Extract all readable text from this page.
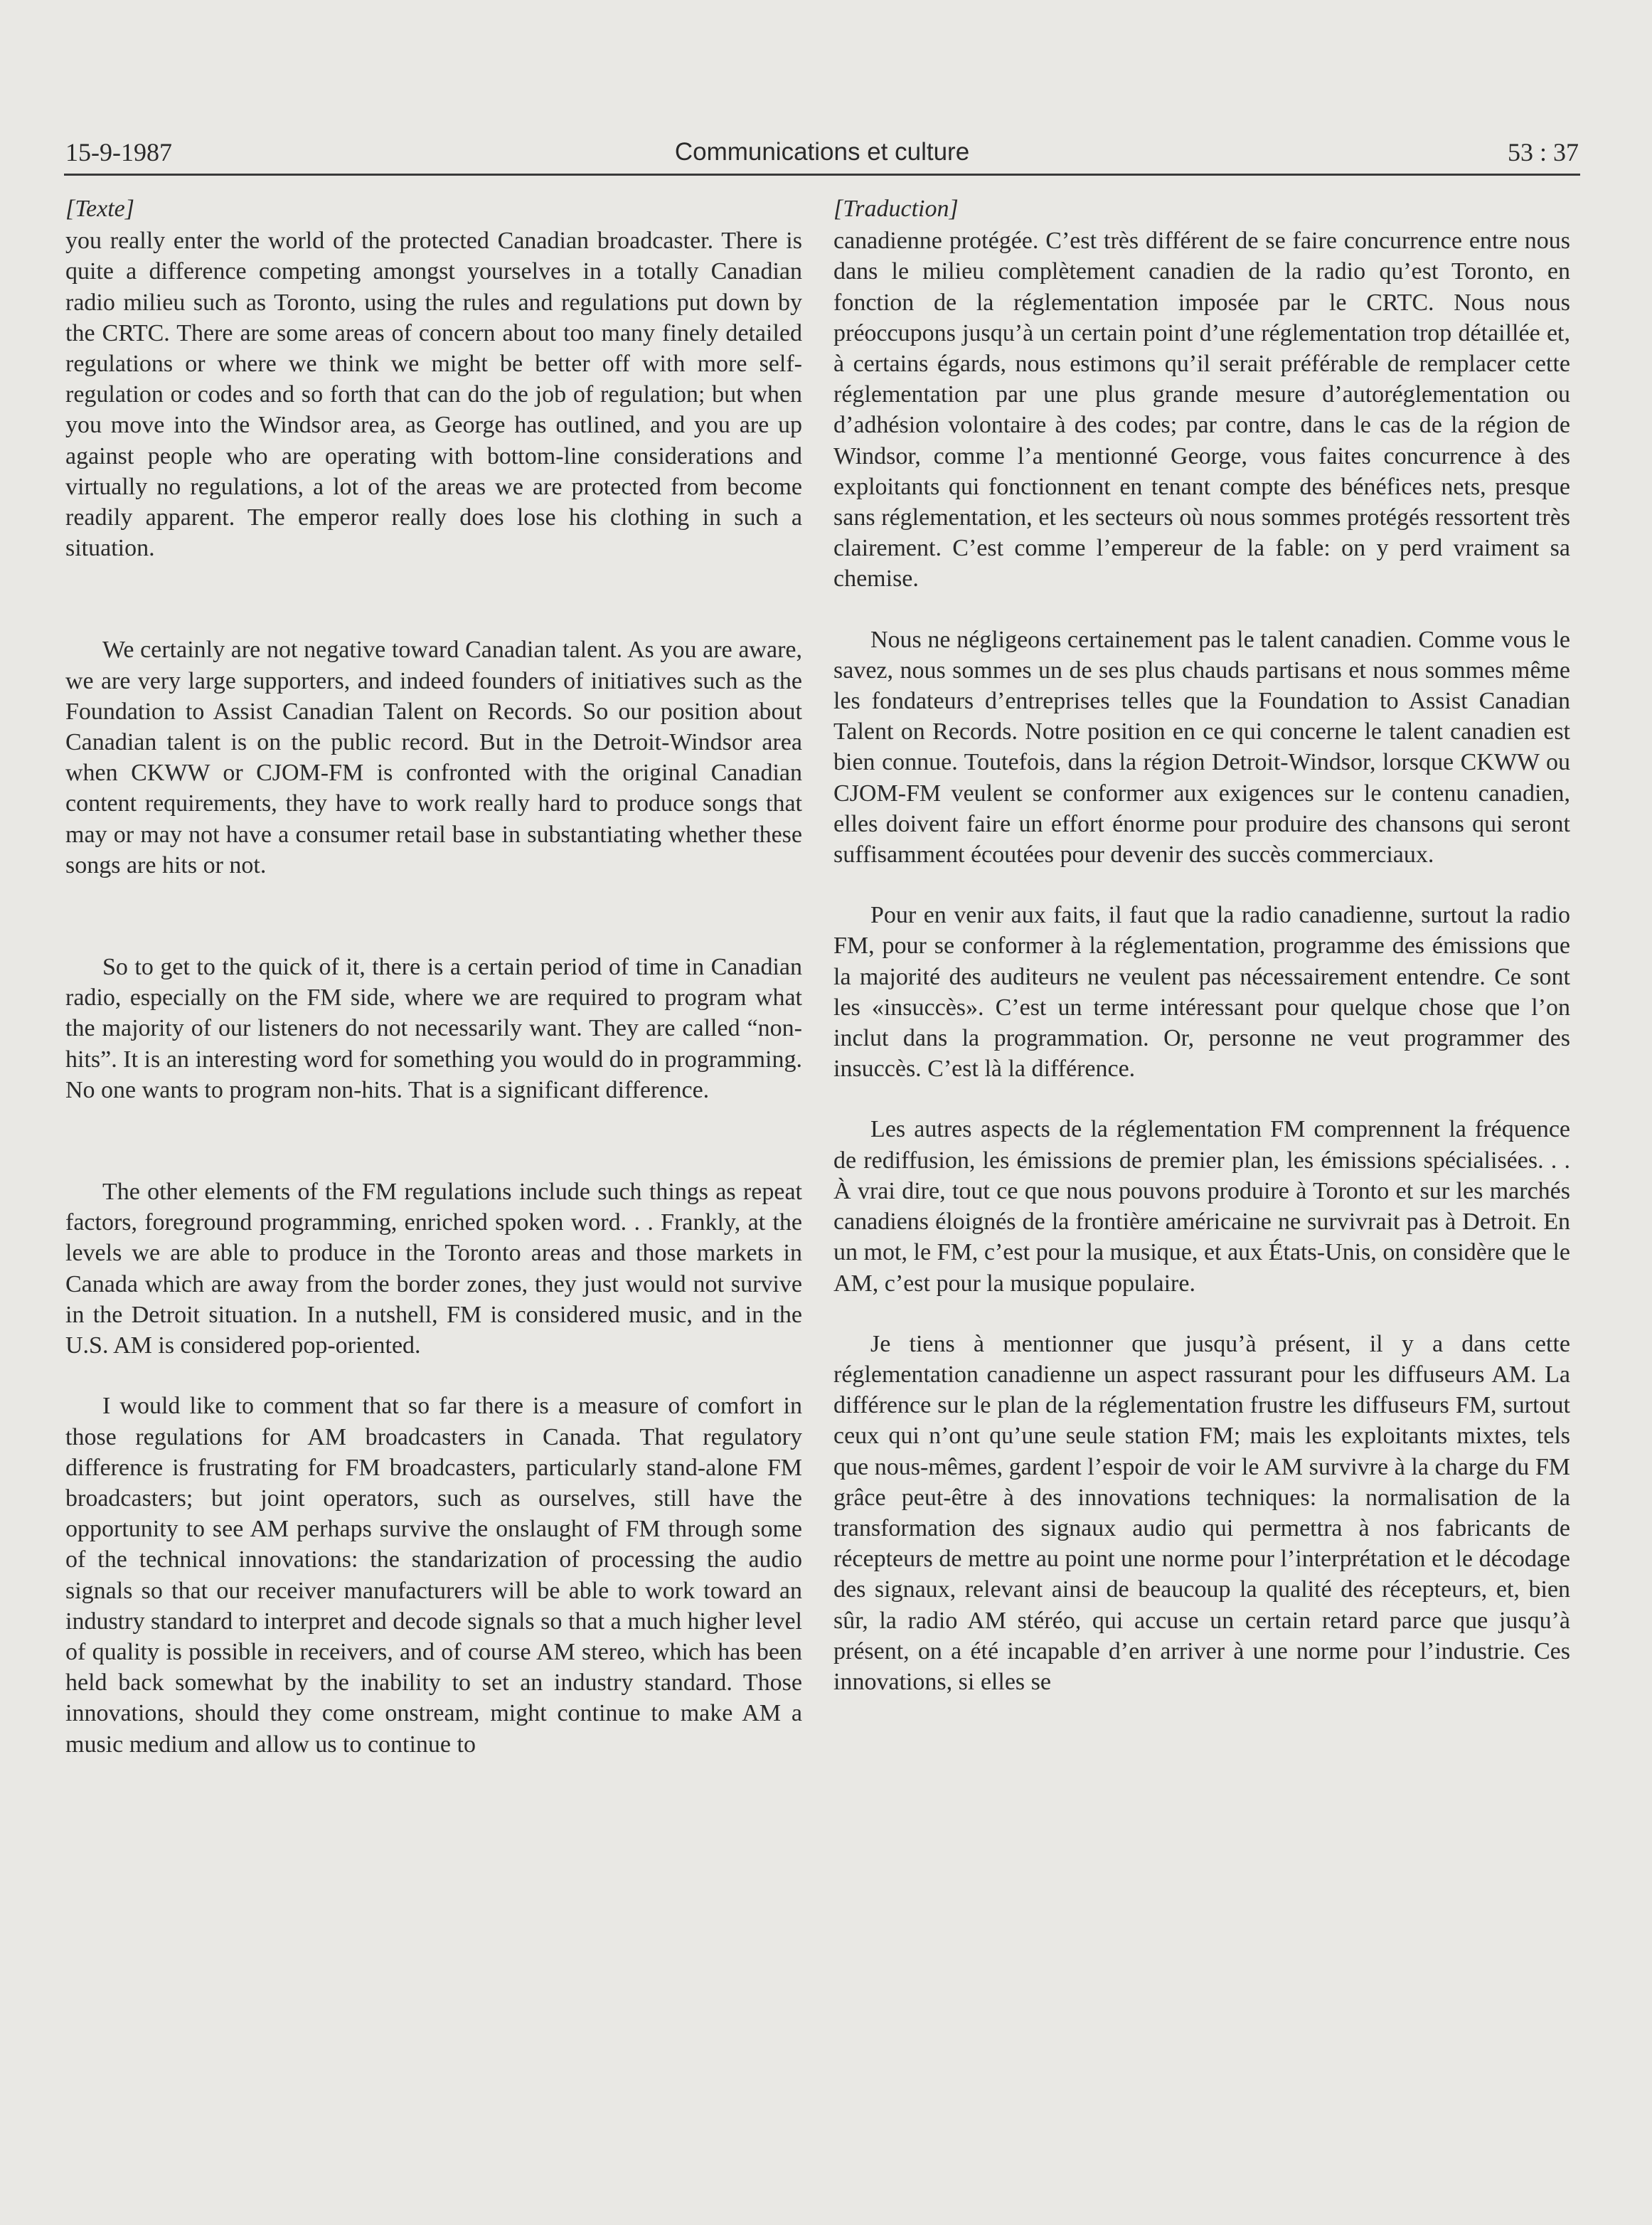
15-9-1987	Communications et culture	53 : 37
[Texte]

you really enter the world of the protected Canadian broadcaster. There is quite a difference competing amongst yourselves in a totally Canadian radio milieu such as Toronto, using the rules and regulations put down by the CRTC. There are some areas of concern about too many finely detailed regulations or where we think we might be better off with more self-regulation or codes and so forth that can do the job of regulation; but when you move into the Windsor area, as George has outlined, and you are up against people who are operating with bottom-line considerations and virtually no regulations, a lot of the areas we are protected from become readily apparent. The emperor really does lose his clothing in such a situation.

We certainly are not negative toward Canadian talent. As you are aware, we are very large supporters, and indeed founders of initiatives such as the Foundation to Assist Canadian Talent on Records. So our position about Canadian talent is on the public record. But in the Detroit-Windsor area when CKWW or CJOM-FM is confronted with the original Canadian content requirements, they have to work really hard to produce songs that may or may not have a consumer retail base in substantiating whether these songs are hits or not.

So to get to the quick of it, there is a certain period of time in Canadian radio, especially on the FM side, where we are required to program what the majority of our listeners do not necessarily want. They are called “non-hits”. It is an interesting word for something you would do in programming. No one wants to program non-hits. That is a significant difference.

The other elements of the FM regulations include such things as repeat factors, foreground programming, enriched spoken word. . . Frankly, at the levels we are able to produce in the Toronto areas and those markets in Canada which are away from the border zones, they just would not survive in the Detroit situation. In a nutshell, FM is considered music, and in the U.S. AM is considered pop-oriented.

I would like to comment that so far there is a measure of comfort in those regulations for AM broadcasters in Canada. That regulatory difference is frustrating for FM broadcasters, particularly stand-alone FM broadcasters; but joint operators, such as ourselves, still have the opportunity to see AM perhaps survive the onslaught of FM through some of the technical innovations: the standarization of processing the audio signals so that our receiver manufacturers will be able to work toward an industry standard to interpret and decode signals so that a much higher level of quality is possible in receivers, and of course AM stereo, which has been held back somewhat by the inability to set an industry standard. Those innovations, should they come onstream, might continue to make AM a music medium and allow us to continue to

[Traduction]

canadienne protégée. C’est très différent de se faire concurrence entre nous dans le milieu complètement canadien de la radio qu’est Toronto, en fonction de la réglementation imposée par le CRTC. Nous nous préoccupons jusqu’à un certain point d’une réglementation trop détaillée et, à certains égards, nous estimons qu’il serait préférable de remplacer cette réglementation par une plus grande mesure d’autoréglementation ou d’adhésion volontaire à des codes; par contre, dans le cas de la région de Windsor, comme l’a mentionné George, vous faites concurrence à des exploitants qui fonctionnent en tenant compte des bénéfices nets, presque sans réglementation, et les secteurs où nous sommes protégés ressortent très clairement. C’est comme l’empereur de la fable: on y perd vraiment sa chemise.

Nous ne négligeons certainement pas le talent canadien. Comme vous le savez, nous sommes un de ses plus chauds partisans et nous sommes même les fondateurs d’entreprises telles que la Foundation to Assist Canadian Talent on Records. Notre position en ce qui concerne le talent canadien est bien connue. Toutefois, dans la région Detroit-Windsor, lorsque CKWW ou CJOM-FM veulent se conformer aux exigences sur le contenu canadien, elles doivent faire un effort énorme pour produire des chansons qui seront suffisamment écoutées pour devenir des succès commerciaux.

Pour en venir aux faits, il faut que la radio canadienne, surtout la radio FM, pour se conformer à la réglementation, programme des émissions que la majorité des auditeurs ne veulent pas nécessairement entendre. Ce sont les «insuccès». C’est un terme intéressant pour quelque chose que l’on inclut dans la programmation. Or, personne ne veut programmer des insuccès. C’est là la différence.

Les autres aspects de la réglementation FM comprennent la fréquence de rediffusion, les émissions de premier plan, les émissions spécialisées. . . À vrai dire, tout ce que nous pouvons produire à Toronto et sur les marchés canadiens éloignés de la frontière américaine ne survivrait pas à Detroit. En un mot, le FM, c’est pour la musique, et aux États-Unis, on considère que le AM, c’est pour la musique populaire.

Je tiens à mentionner que jusqu’à présent, il y a dans cette réglementation canadienne un aspect rassurant pour les diffuseurs AM. La différence sur le plan de la réglementation frustre les diffuseurs FM, surtout ceux qui n’ont qu’une seule station FM; mais les exploitants mixtes, tels que nous-mêmes, gardent l’espoir de voir le AM survivre à la charge du FM grâce peut-être à des innovations techniques: la normalisation de la transformation des signaux audio qui permettra à nos fabricants de récepteurs de mettre au point une norme pour l’interprétation et le décodage des signaux, relevant ainsi de beaucoup la qualité des récepteurs, et, bien sûr, la radio AM stéréo, qui accuse un certain retard parce que jusqu’à présent, on a été incapable d’en arriver à une norme pour l’industrie. Ces innovations, si elles se
